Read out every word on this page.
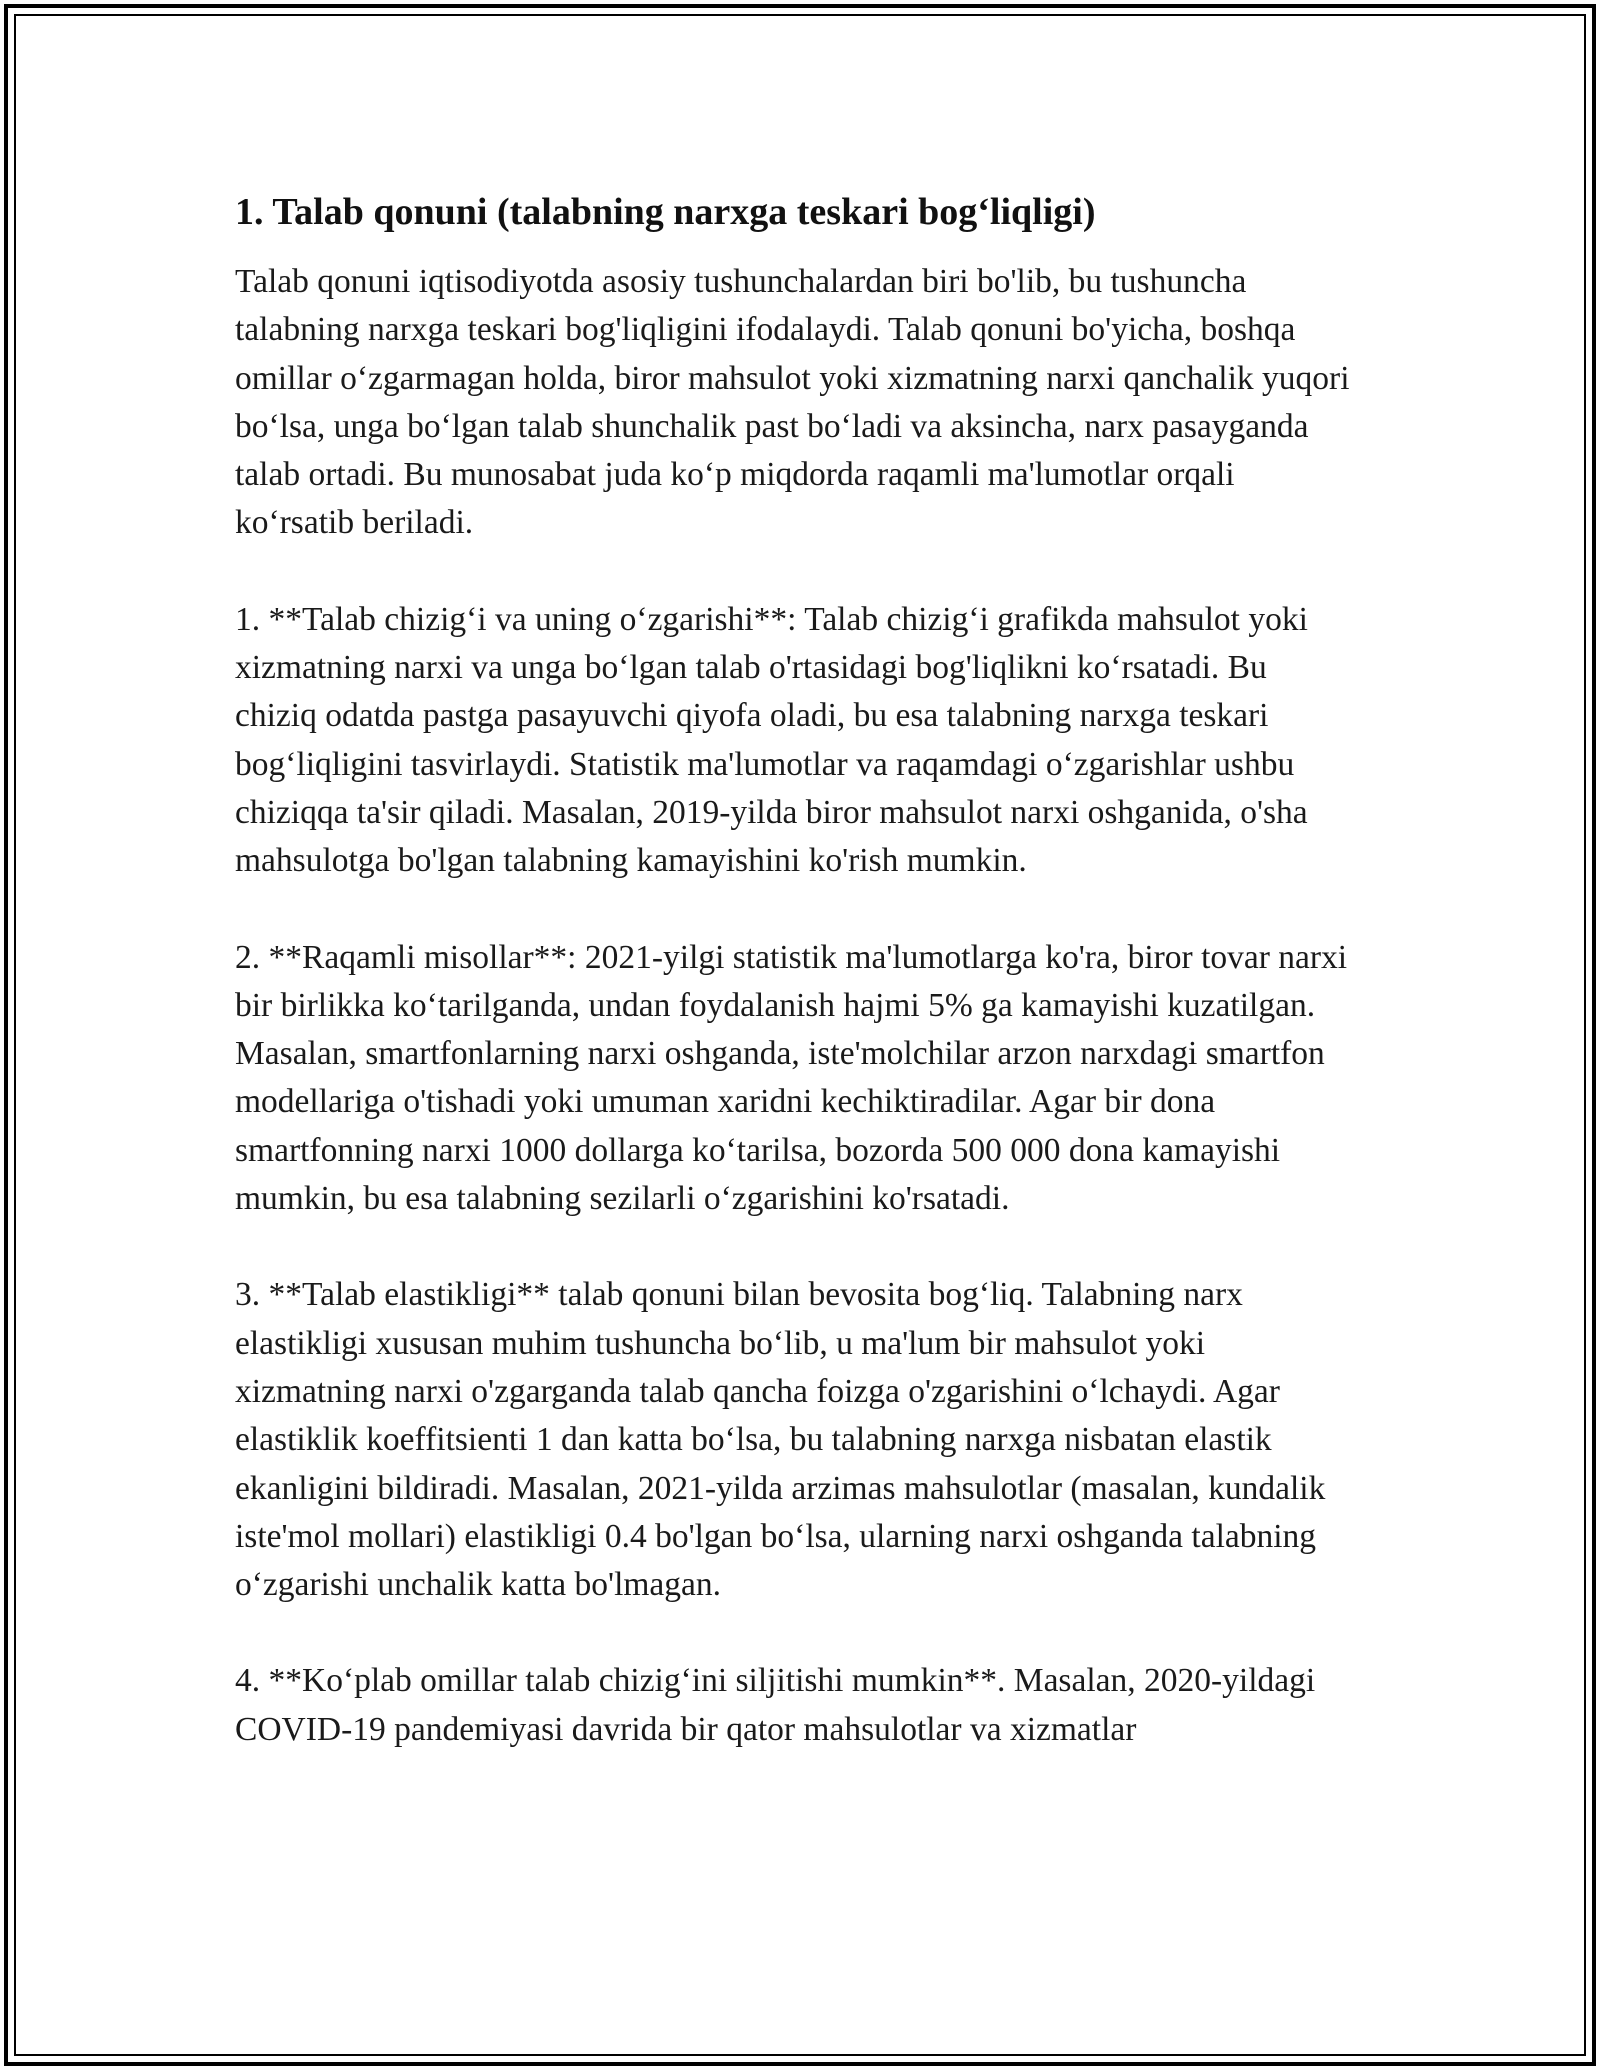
1. Talab qonuni (talabning narxga teskari bog‘liqligi)

Talab qonuni iqtisodiyotda asosiy tushunchalardan biri bo'lib, bu tushuncha talabning narxga teskari bog'liqligini ifodalaydi. Talab qonuni bo'yicha, boshqa omillar o‘zgarmagan holda, biror mahsulot yoki xizmatning narxi qanchalik yuqori bo‘lsa, unga bo‘lgan talab shunchalik past bo‘ladi va aksincha, narx pasayganda talab ortadi. Bu munosabat juda ko‘p miqdorda raqamli ma'lumotlar orqali ko‘rsatib beriladi.

1. **Talab chizig‘i va uning o‘zgarishi**: Talab chizig‘i grafikda mahsulot yoki xizmatning narxi va unga bo‘lgan talab o'rtasidagi bog'liqlikni ko‘rsatadi. Bu chiziq odatda pastga pasayuvchi qiyofa oladi, bu esa talabning narxga teskari bog‘liqligini tasvirlaydi. Statistik ma'lumotlar va raqamdagi o‘zgarishlar ushbu chiziqqa ta'sir qiladi. Masalan, 2019-yilda biror mahsulot narxi oshganida, o'sha mahsulotga bo'lgan talabning kamayishini ko'rish mumkin.

2. **Raqamli misollar**: 2021-yilgi statistik ma'lumotlarga ko'ra, biror tovar narxi bir birlikka ko‘tarilganda, undan foydalanish hajmi 5% ga kamayishi kuzatilgan. Masalan, smartfonlarning narxi oshganda, iste'molchilar arzon narxdagi smartfon modellariga o'tishadi yoki umuman xaridni kechiktiradilar. Agar bir dona smartfonning narxi 1000 dollarga ko‘tarilsa, bozorda 500 000 dona kamayishi mumkin, bu esa talabning sezilarli o‘zgarishini ko'rsatadi.

3. **Talab elastikligi** talab qonuni bilan bevosita bog‘liq. Talabning narx elastikligi xususan muhim tushuncha bo‘lib, u ma'lum bir mahsulot yoki xizmatning narxi o'zgarganda talab qancha foizga o'zgarishini o‘lchaydi. Agar elastiklik koeffitsienti 1 dan katta bo‘lsa, bu talabning narxga nisbatan elastik ekanligini bildiradi. Masalan, 2021-yilda arzimas mahsulotlar (masalan, kundalik iste'mol mollari) elastikligi 0.4 bo'lgan bo‘lsa, ularning narxi oshganda talabning o‘zgarishi unchalik katta bo'lmagan.

4. **Ko‘plab omillar talab chizig‘ini siljitishi mumkin**. Masalan, 2020-yildagi COVID-19 pandemiyasi davrida bir qator mahsulotlar va xizmatlar
